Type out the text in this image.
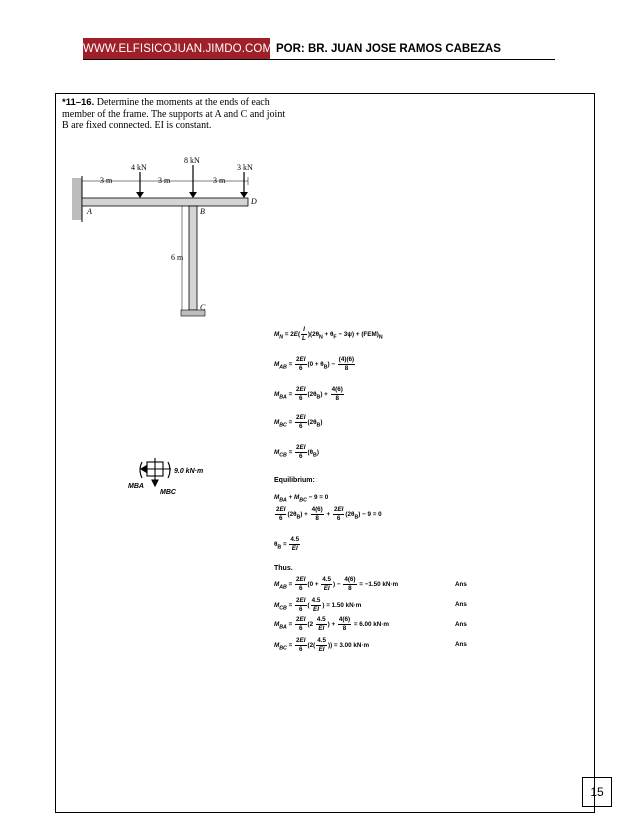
WWW.ELFISICOJUAN.JIMDO.COM POR: BR. JUAN JOSE RAMOS CABEZAS
*11–16. Determine the moments at the ends of each member of the frame. The supports at A and C and joint B are fixed connected. EI is constant.
3 m	3 m	3 m
4 kN
8 kN
3 kN
6 m
A	B
C
D
9.0 kN·m
MBA
MBC
$M_N = 2E( \frac{I}{L} )(2\theta_N + \theta_F - 3\psi) + (FEM)_N$
$M_{AB} = \frac{2EI}{6} (0 + \theta_B) - \frac{(4)(6)}{8}$
$M_{BA} = \frac{2EI}{6} (2\theta_B) + \frac{4(6)}{8}$
$M_{BC} = \frac{2EI}{6} (2\theta_B)$
$M_{CB} = \frac{2EI}{6} (\theta_B)$
Equilibrium:
$M_{BA} + M_{BC} - 9 = 0$
$\frac{2EI}{6} (2\theta_B) + \frac{4(6)}{8} + \frac{2EI}{6} (2\theta_B) - 9 = 0$
$\theta_B = \frac{4.5}{EI}$
Thus.
$M_{AB} = \frac{2EI}{6} (0 + \frac{4.5}{EI}$ ) − $\frac{4(6)}{8} = -1.50$ kN·m	Ans
$M_{CB} = \frac{2EI}{6}$ ( $\frac{4.5}{EI}$ ) = 1.50 kN·m	Ans
$M_{BA} = \frac{2EI}{6} (2 \frac{4.5}{EI}$ ) + $\frac{4(6)}{8} = 6.00$ kN·m	Ans
$M_{BC} = \frac{2EI}{6} (2( \frac{4.5}{EI}$ )) = 3.00 kN·m	Ans
15
